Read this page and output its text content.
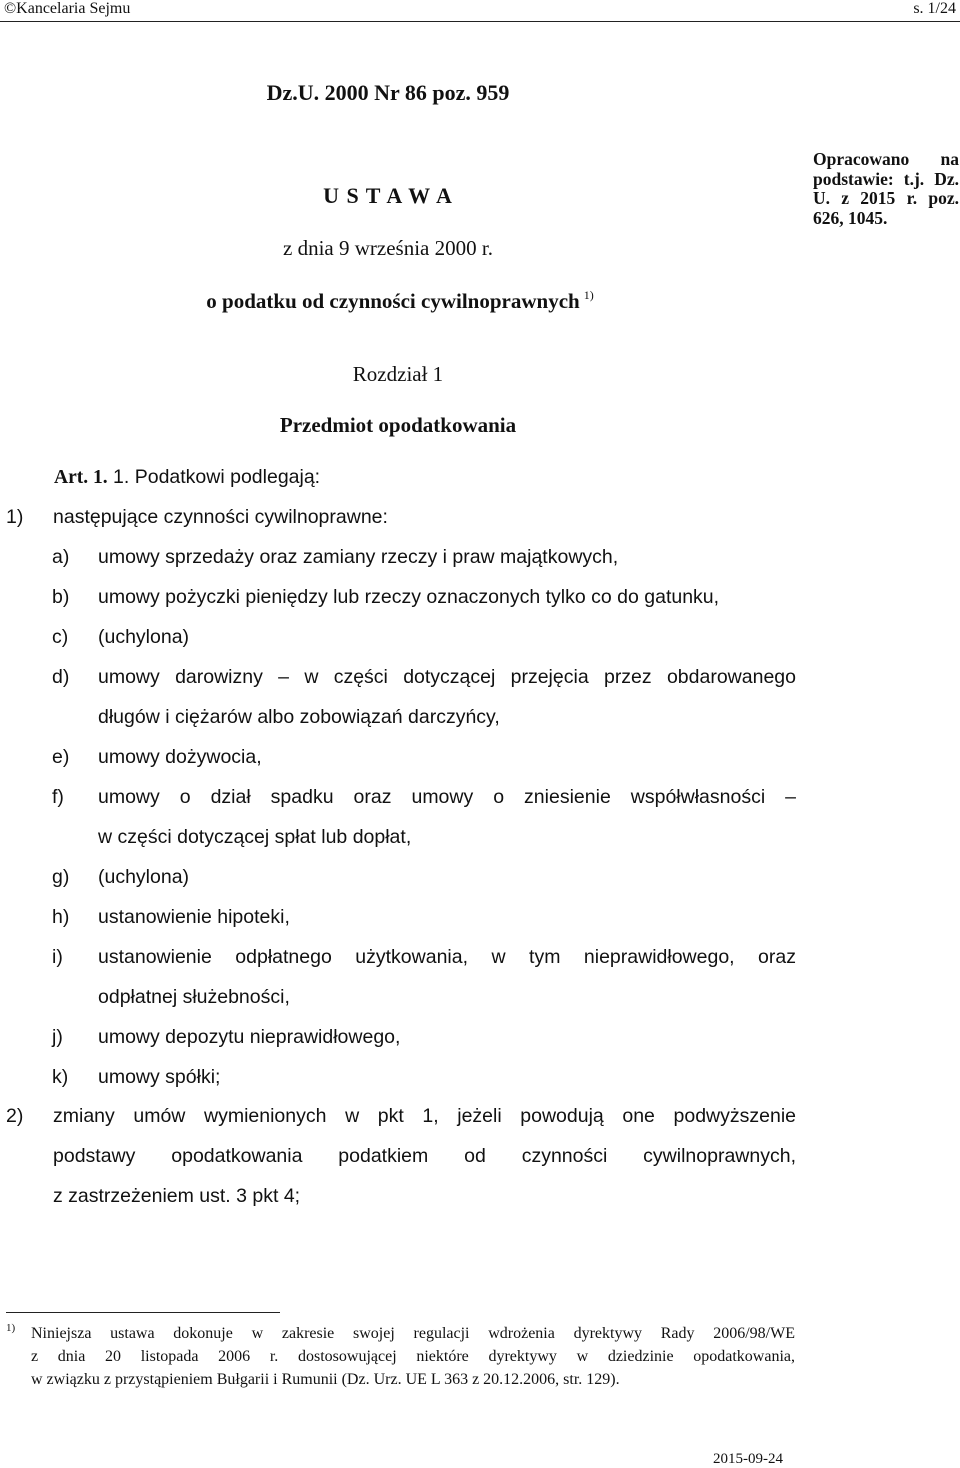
©Kancelaria Sejmu	s. 1/24
Dz.U. 2000 Nr 86 poz. 959
U S T A W A
z dnia 9 września 2000 r.
o podatku od czynności cywilnoprawnych $^{1)}$
Opracowano na podstawie: t.j. Dz. U. z 2015 r. poz. 626, 1045.
Rozdział 1
Przedmiot opodatkowania
Art. 1. 1. Podatkowi podlegają:
1) następujące czynności cywilnoprawne:
a) umowy sprzedaży oraz zamiany rzeczy i praw majątkowych,
b) umowy pożyczki pieniędzy lub rzeczy oznaczonych tylko co do gatunku,
c) (uchylona)
d) umowy darowizny – w części dotyczącej przejęcia przez obdarowanego
długów i ciężarów albo zobowiązań darczyńcy,
e) umowy dożywocia,
f) umowy o dział spadku oraz umowy o zniesienie współwłasności –
w części dotyczącej spłat lub dopłat,
g) (uchylona)
h) ustanowienie hipoteki,
i) ustanowienie odpłatnego użytkowania, w tym nieprawidłowego, oraz
odpłatnej służebności,
j) umowy depozytu nieprawidłowego,
k) umowy spółki;
2) zmiany umów wymienionych w pkt 1, jeżeli powodują one podwyższenie
podstawy opodatkowania podatkiem od czynności cywilnoprawnych,
z zastrzeżeniem ust. 3 pkt 4;
1) Niniejsza ustawa dokonuje w zakresie swojej regulacji wdrożenia dyrektywy Rady 2006/98/WE
z dnia 20 listopada 2006 r. dostosowującej niektóre dyrektywy w dziedzinie opodatkowania,
w związku z przystąpieniem Bułgarii i Rumunii (Dz. Urz. UE L 363 z 20.12.2006, str. 129).
2015-09-24
